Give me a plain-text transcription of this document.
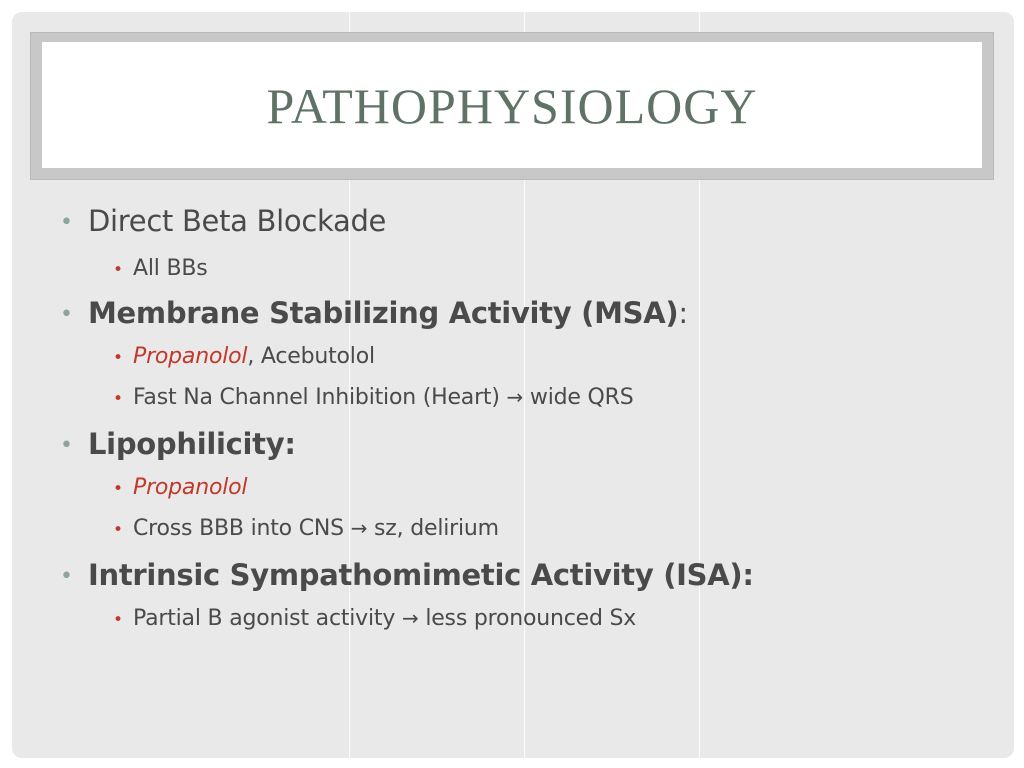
PATHOPHYSIOLOGY
• Direct Beta Blockade
• All BBs
• Membrane Stabilizing Activity (MSA):
• Propanolol, Acebutolol
• Fast Na Channel Inhibition (Heart) → wide QRS
• Lipophilicity:
• Propanolol
• Cross BBB into CNS → sz, delirium
• Intrinsic Sympathomimetic Activity (ISA):
• Partial B agonist activity → less pronounced Sx
